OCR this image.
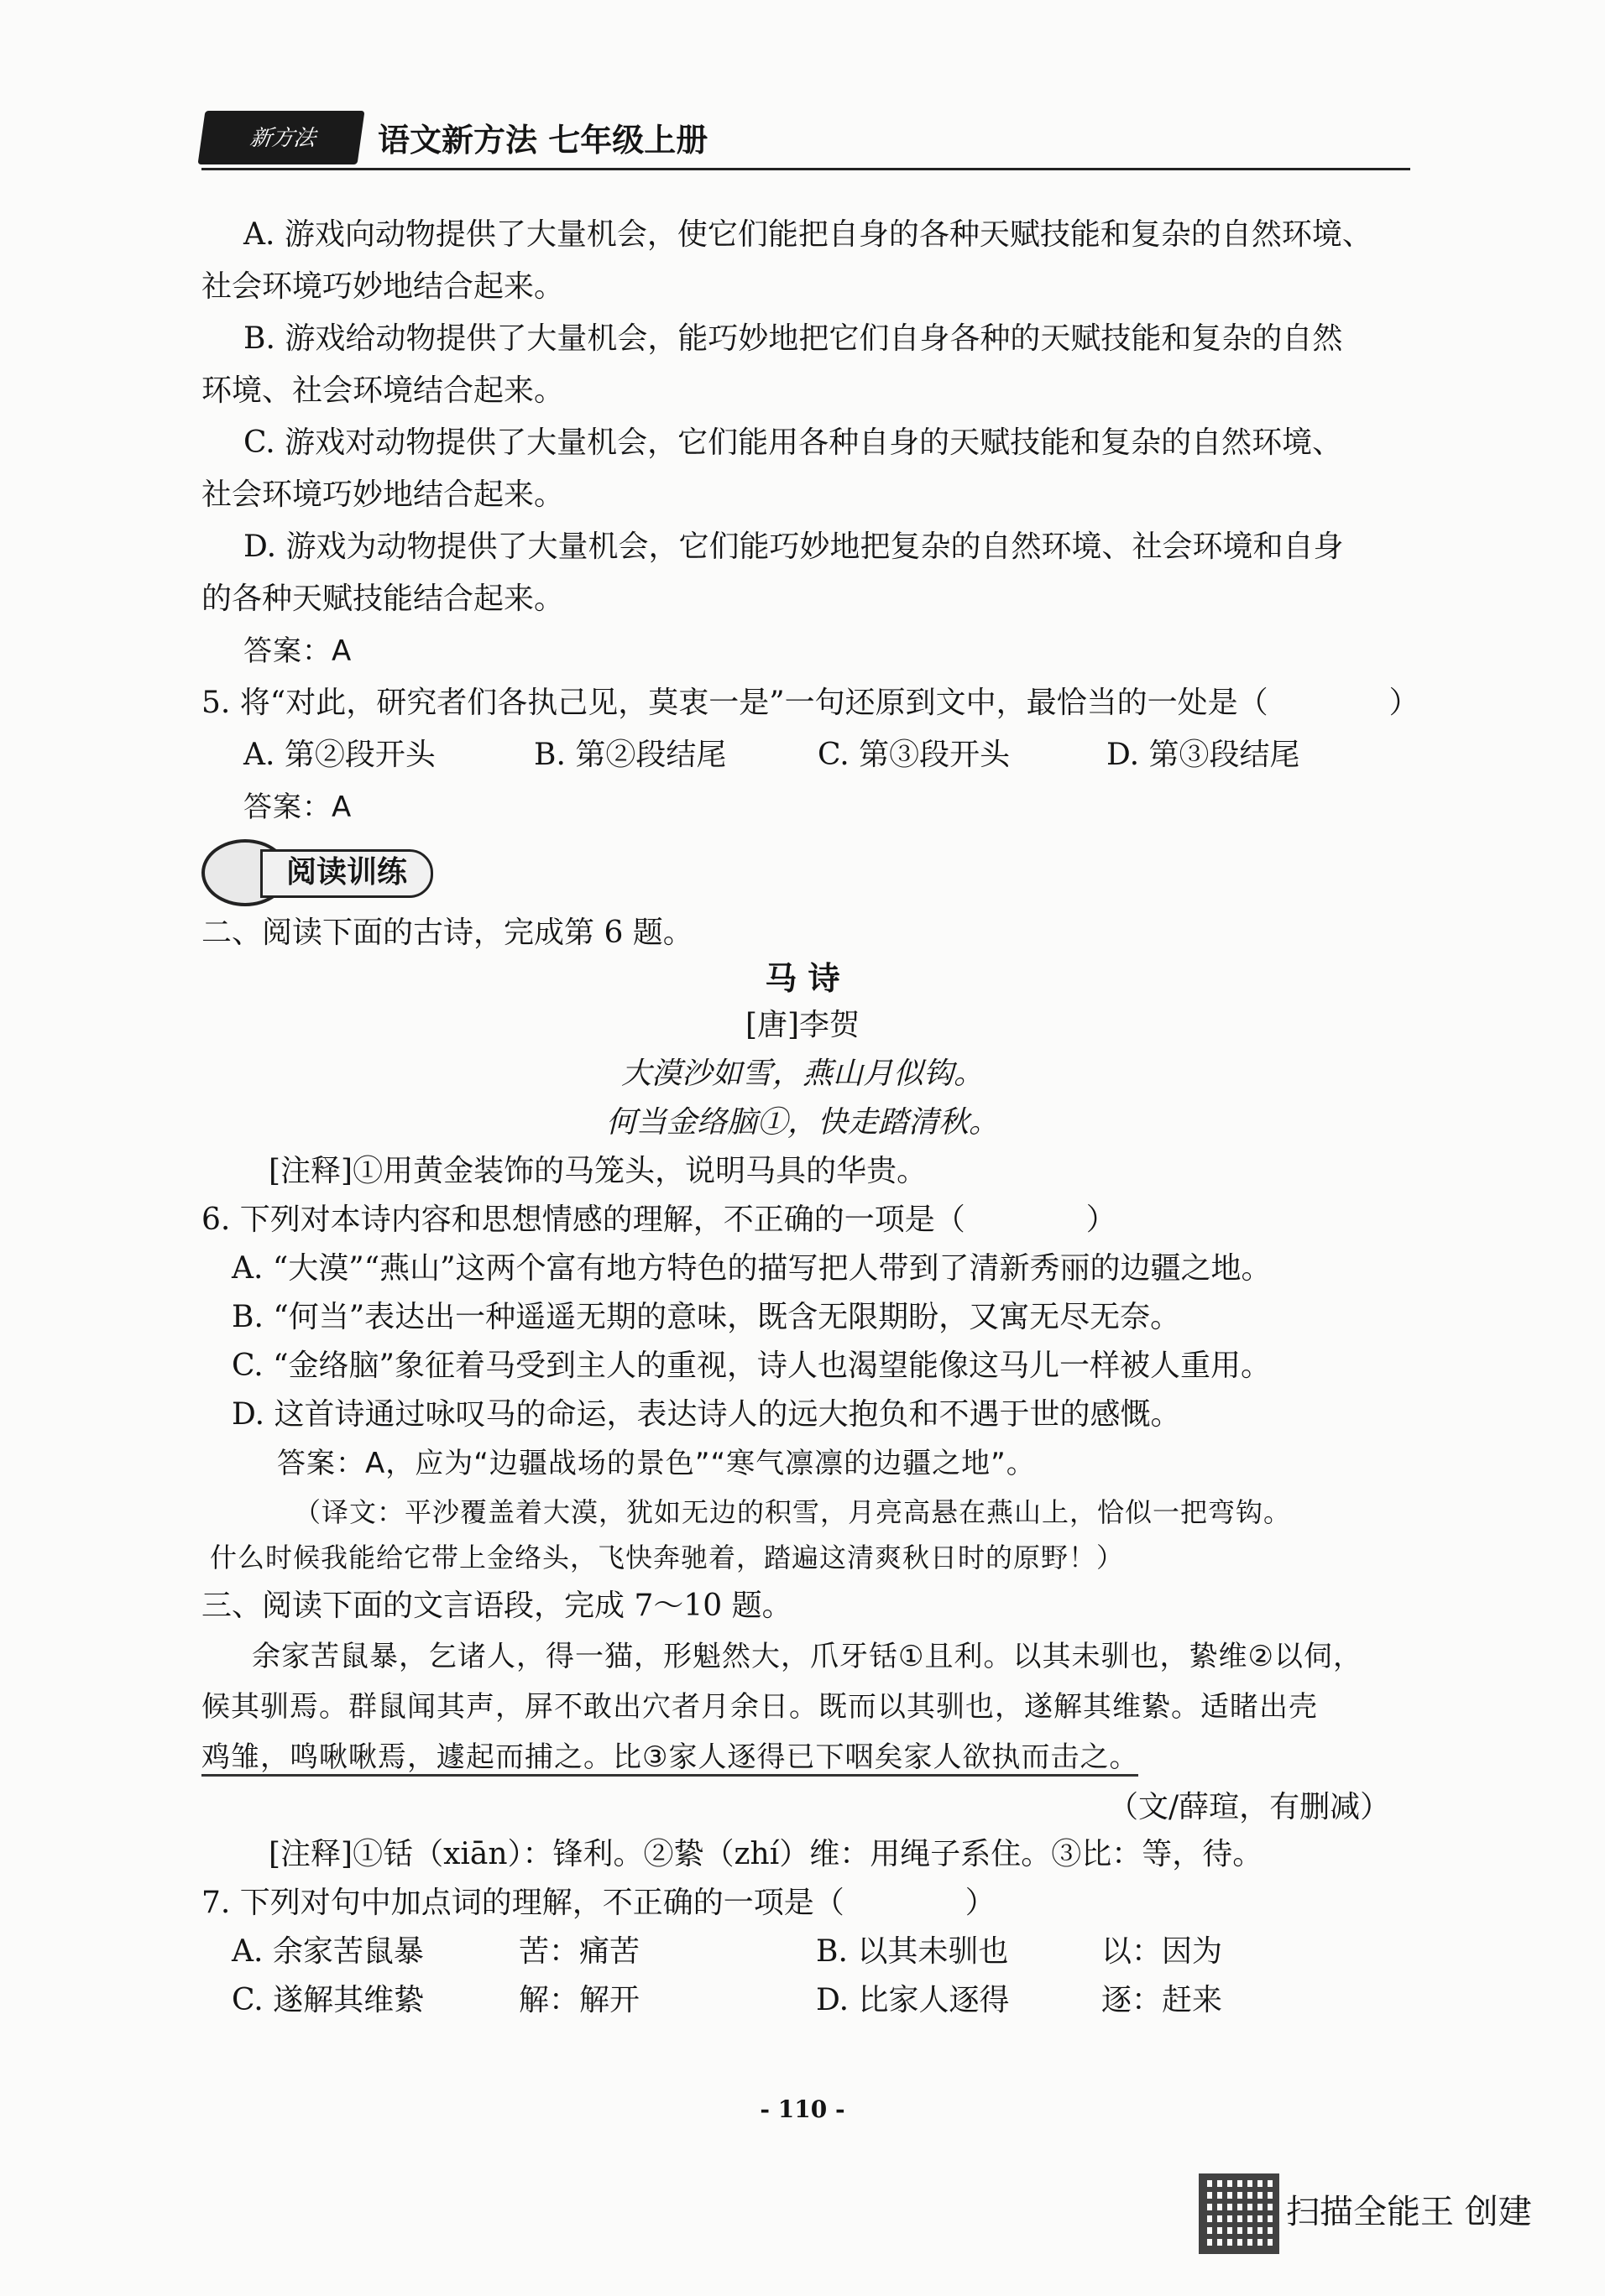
新方法 语文新方法 七年级上册
A. 游戏向动物提供了大量机会，使它们能把自身的各种天赋技能和复杂的自然环境、
社会环境巧妙地结合起来。
B. 游戏给动物提供了大量机会，能巧妙地把它们自身各种的天赋技能和复杂的自然
环境、社会环境结合起来。
C. 游戏对动物提供了大量机会，它们能用各种自身的天赋技能和复杂的自然环境、
社会环境巧妙地结合起来。
D. 游戏为动物提供了大量机会，它们能巧妙地把复杂的自然环境、社会环境和自身
的各种天赋技能结合起来。
答案：A
5. 将“对此，研究者们各执己见，莫衷一是”一句还原到文中，最恰当的一处是（　　　　）
A. 第②段开头	B. 第②段结尾	C. 第③段开头	D. 第③段结尾
答案：A
阅读训练
二、阅读下面的古诗，完成第 6 题。
马 诗
[唐]李贺
大漠沙如雪，燕山月似钩。
何当金络脑①，快走踏清秋。
[注释]①用黄金装饰的马笼头，说明马具的华贵。
6. 下列对本诗内容和思想情感的理解，不正确的一项是（　　　　）
A. “大漠”“燕山”这两个富有地方特色的描写把人带到了清新秀丽的边疆之地。
B. “何当”表达出一种遥遥无期的意味，既含无限期盼，又寓无尽无奈。
C. “金络脑”象征着马受到主人的重视，诗人也渴望能像这马儿一样被人重用。
D. 这首诗通过咏叹马的命运，表达诗人的远大抱负和不遇于世的感慨。
答案：A，应为“边疆战场的景色”“寒气凛凛的边疆之地”。
（译文：平沙覆盖着大漠，犹如无边的积雪，月亮高悬在燕山上，恰似一把弯钩。
什么时候我能给它带上金络头，飞快奔驰着，踏遍这清爽秋日时的原野！）
三、阅读下面的文言语段，完成 7～10 题。
余家苦鼠暴，乞诸人，得一猫，形魁然大，爪牙铦①且利。以其未驯也，絷维②以伺，
候其驯焉。群鼠闻其声，屏不敢出穴者月余日。既而以其驯也，遂解其维絷。适睹出壳
鸡雏，鸣啾啾焉，遽起而捕之。比③家人逐得已下咽矣家人欲执而击之。
（文/薛瑄，有删减）
[注释]①铦（xiān）：锋利。②絷（zhí）维：用绳子系住。③比：等，待。
7. 下列对句中加点词的理解，不正确的一项是（　　　　）
A. 余家苦鼠暴	苦：痛苦	B. 以其未驯也	以：因为
C. 遂解其维絷	解：解开	D. 比家人逐得	逐：赶来
- 110 -
扫描全能王 创建
